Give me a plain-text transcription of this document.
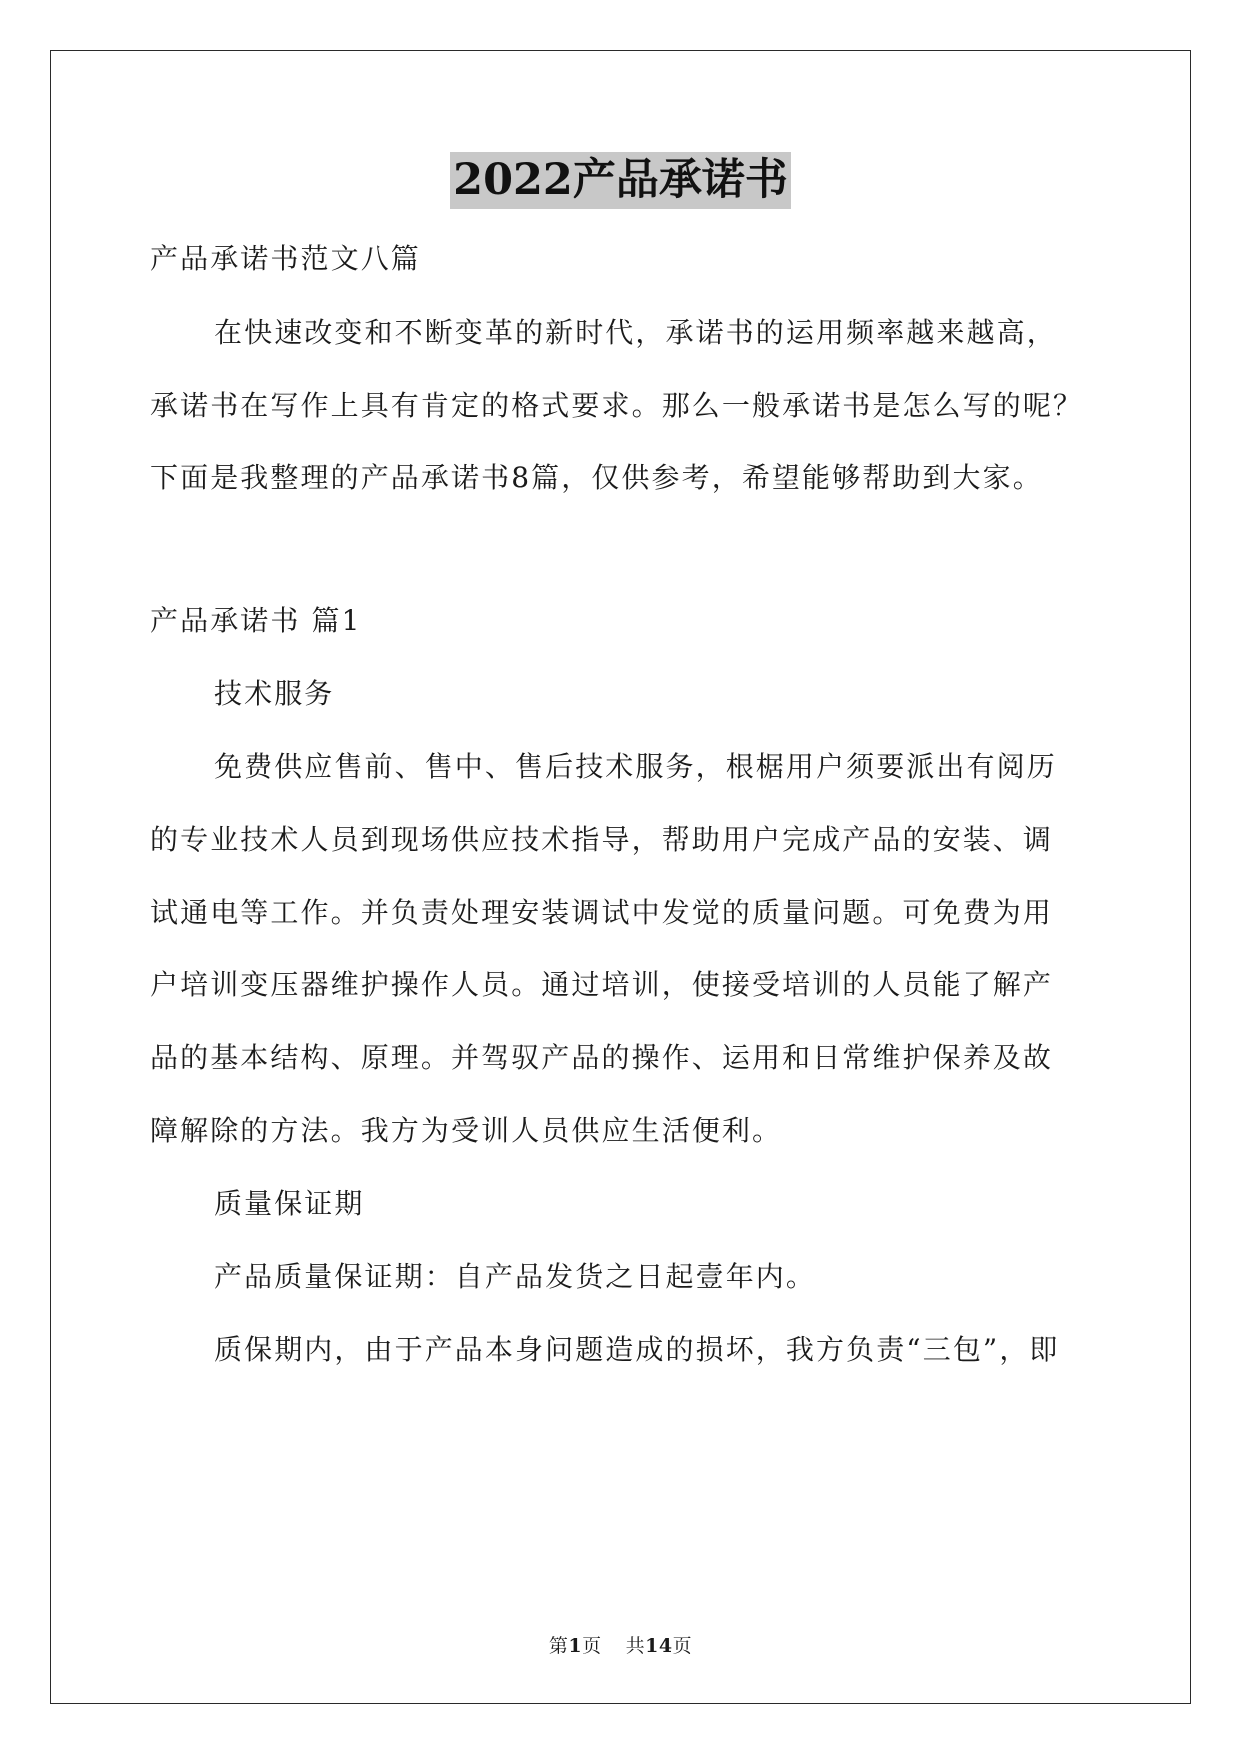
2022产品承诺书
产品承诺书范文八篇
在快速改变和不断变革的新时代，承诺书的运用频率越来越高，
承诺书在写作上具有肯定的格式要求。那么一般承诺书是怎么写的呢？
下面是我整理的产品承诺书8篇，仅供参考，希望能够帮助到大家。
产品承诺书 篇1
技术服务
免费供应售前、售中、售后技术服务，根椐用户须要派出有阅历
的专业技术人员到现场供应技术指导，帮助用户完成产品的安装、调
试通电等工作。并负责处理安装调试中发觉的质量问题。可免费为用
户培训变压器维护操作人员。通过培训，使接受培训的人员能了解产
品的基本结构、原理。并驾驭产品的操作、运用和日常维护保养及故
障解除的方法。我方为受训人员供应生活便利。
质量保证期
产品质量保证期：自产品发货之日起壹年内。
质保期内，由于产品本身问题造成的损坏，我方负责“三包”，即
第1页 共14页
